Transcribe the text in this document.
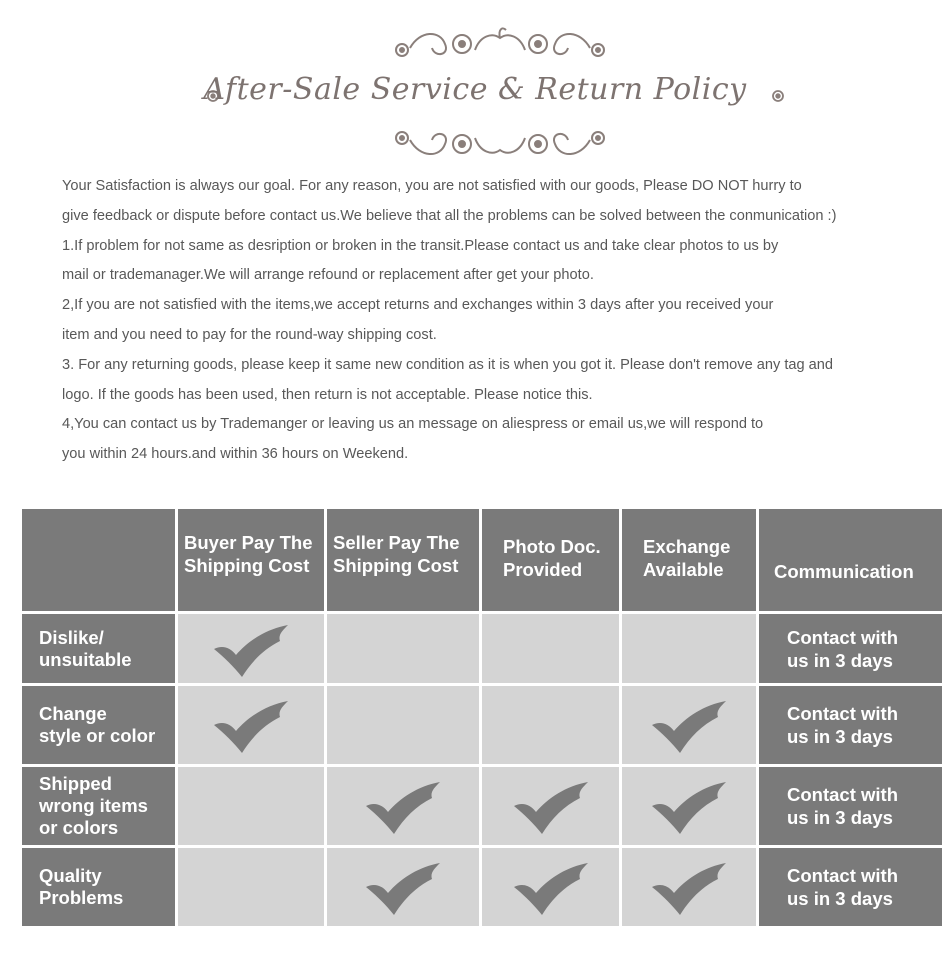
After-Sale Service & Return Policy

Your Satisfaction is always our goal. For any reason, you are not satisfied with our goods, Please DO NOT hurry to

give feedback or dispute before contact us.We believe that all the problems can be solved between the conmunication :)

1.If problem for not same as desription or broken in the transit.Please contact us and take clear photos to us by

mail or trademanager.We will arrange refound or replacement after get your photo.

2,If you are not satisfied with the items,we accept returns and exchanges within 3 days after you received your

item and you need to pay for the round-way shipping cost.

3. For any returning goods, please keep it same new condition as it is when you got it. Please don't remove any tag and

logo. If the goods has been used, then return is not acceptable. Please notice this.

4,You can contact us by Trademanger or leaving us an message on aliespress or email us,we will respond to

you within 24 hours.and within 36 hours on Weekend.

Buyer Pay The
Shipping Cost
Seller Pay The
Shipping Cost
Photo Doc.
Provided
Exchange
Available	Communication
Dislike/
unsuitable
Contact with
us in 3 days
Change
style or color
Contact with
us in 3 days
Shipped
wrong items
or colors
Contact with
us in 3 days
Quality
Problems
Contact with
us in 3 days
